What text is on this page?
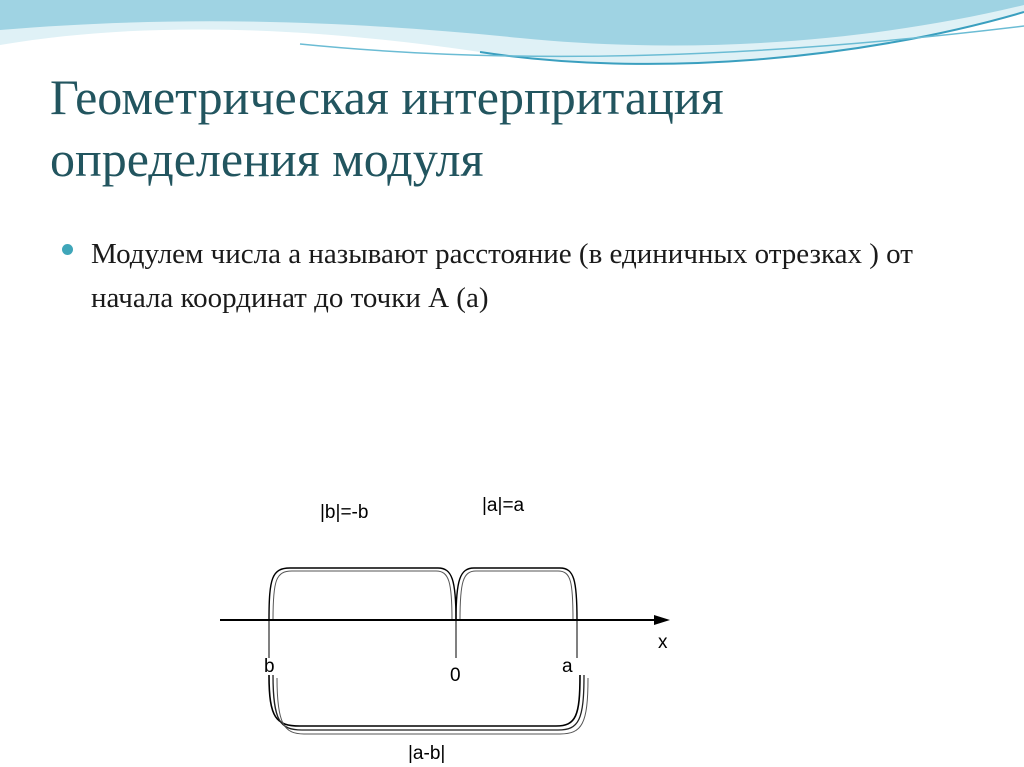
Геометрическая интерпритация определения модуля
Модулем числа а называют расстояние (в единичных отрезках ) от начала координат до точки А (а)
|b|=-b	|a|=a
x
b	0	a
|a-b|
